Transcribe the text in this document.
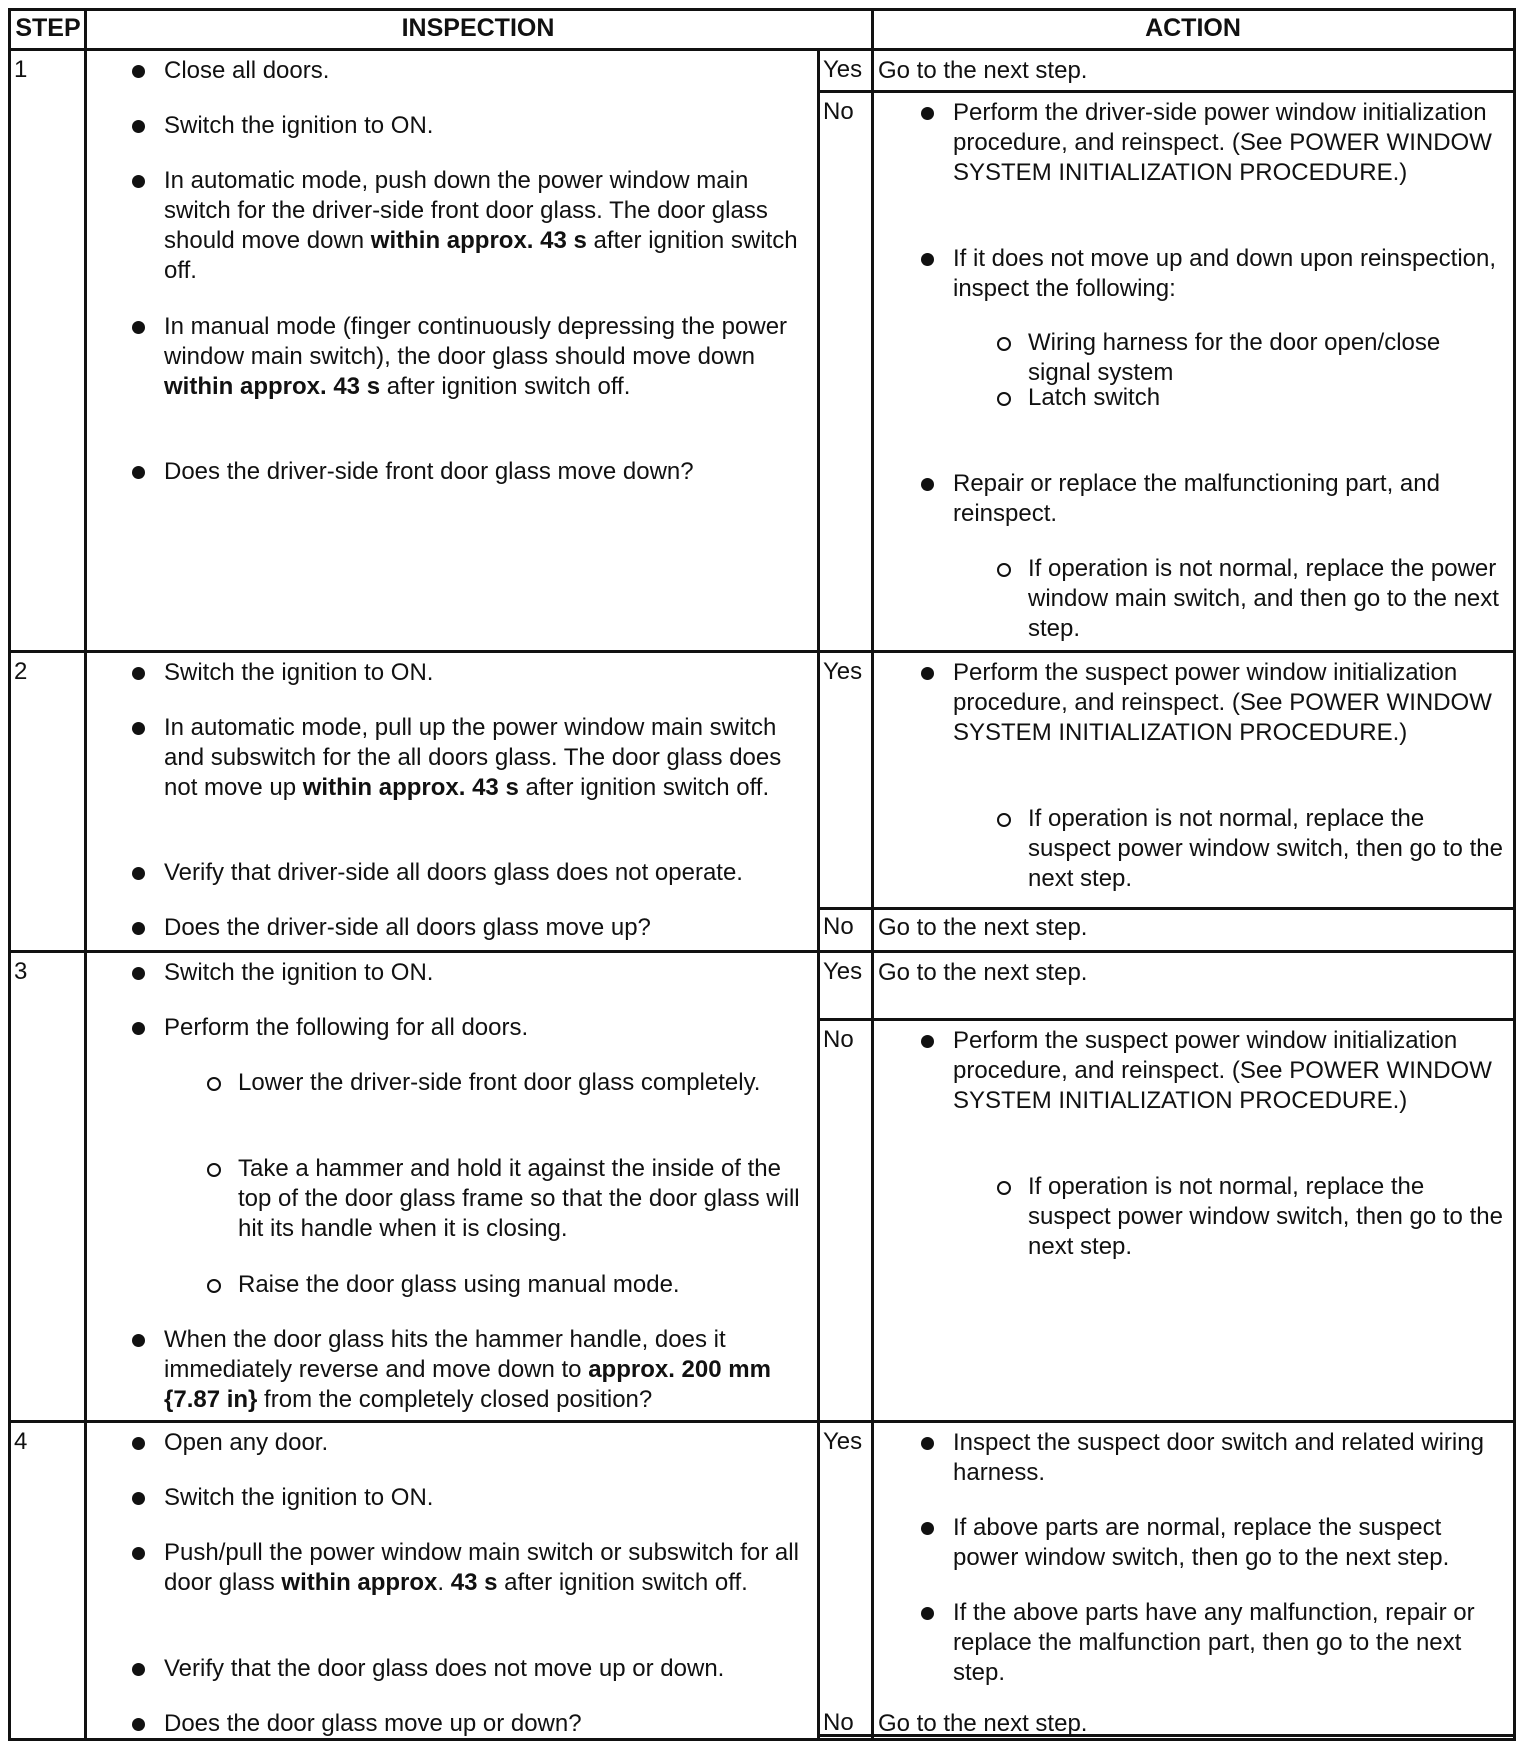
STEP	INSPECTION	ACTION

Close all doors.

Switch the ignition to ON.

In automatic mode, push down the power window main switch for the driver-side front door glass. The door glass should move down within approx. 43 s after ignition switch off.

In manual mode (finger continuously depressing the power window main switch), the door glass should move down within approx. 43 s after ignition switch off.

Does the driver-side front door glass move down?

Go to the next step.

Yes

Perform the driver-side power window initialization procedure, and reinspect. (See POWER WINDOW SYSTEM INITIALIZATION PROCEDURE.)

If it does not move up and down upon reinspection, inspect the following:

Wiring harness for the door open/close signal system

Latch switch

Repair or replace the malfunctioning part, and reinspect.

If operation is not normal, replace the power window main switch, and then go to the next step.

No

Switch the ignition to ON.

In automatic mode, pull up the power window main switch and subswitch for the all doors glass. The door glass does not move up within approx. 43 s after ignition switch off.

Verify that driver-side all doors glass does not operate.

Does the driver-side all doors glass move up?

Perform the suspect power window initialization procedure, and reinspect. (See POWER WINDOW SYSTEM INITIALIZATION PROCEDURE.)

If operation is not normal, replace the suspect power window switch, then go to the next step.

Yes

Go to the next step.

No

Switch the ignition to ON.

Perform the following for all doors.

Lower the driver-side front door glass completely.

Take a hammer and hold it against the inside of the top of the door glass frame so that the door glass will hit its handle when it is closing.

Raise the door glass using manual mode.

When the door glass hits the hammer handle, does it immediately reverse and move down to approx. 200 mm {7.87 in} from the completely closed position?

Go to the next step.

Yes

Perform the suspect power window initialization procedure, and reinspect. (See POWER WINDOW SYSTEM INITIALIZATION PROCEDURE.)

If operation is not normal, replace the suspect power window switch, then go to the next step.

No

Open any door.

Switch the ignition to ON.

Push/pull the power window main switch or subswitch for all door glass within approx. 43 s after ignition switch off.

Verify that the door glass does not move up or down.

Does the door glass move up or down?

Inspect the suspect door switch and related wiring harness.

If above parts are normal, replace the suspect power window switch, then go to the next step.

If the above parts have any malfunction, repair or replace the malfunction part, then go to the next step.

Yes

Go to the next step.

No
1
2
3
4
